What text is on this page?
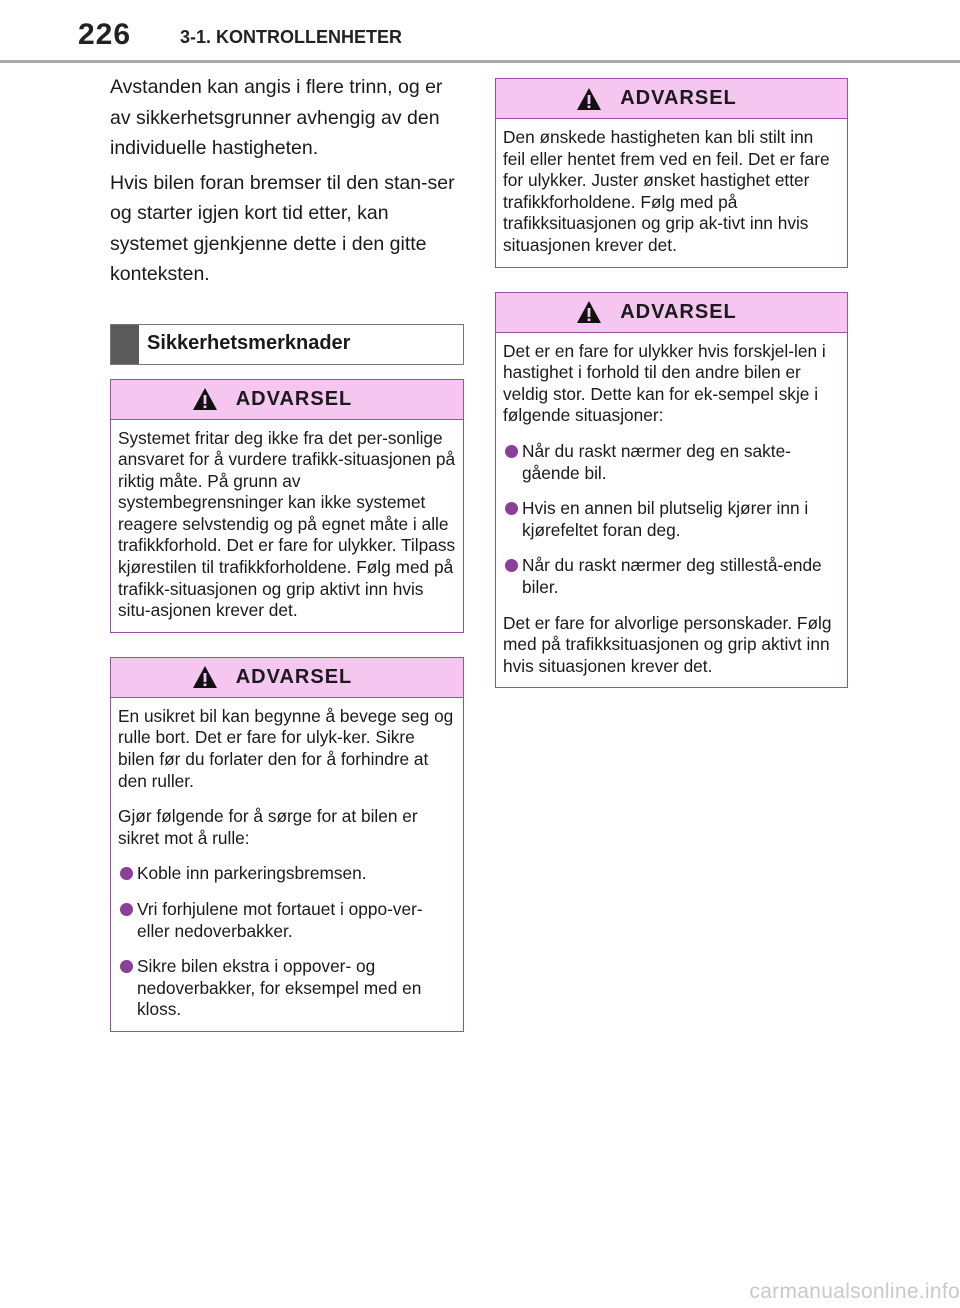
226	3-1. KONTROLLENHETER

Avstanden kan angis i flere trinn, og er av sikkerhetsgrunner avhengig av den individuelle hastigheten.

Hvis bilen foran bremser til den stan-ser og starter igjen kort tid etter, kan systemet gjenkjenne dette i den gitte konteksten.

Sikkerhetsmerknader
ADVARSEL

Systemet fritar deg ikke fra det per-sonlige ansvaret for å vurdere trafikk-situasjonen på riktig måte. På grunn av systembegrensninger kan ikke systemet reagere selvstendig og på egnet måte i alle trafikkforhold. Det er fare for ulykker. Tilpass kjørestilen til trafikkforholdene. Følg med på trafikk-situasjonen og grip aktivt inn hvis situ-asjonen krever det.

ADVARSEL

En usikret bil kan begynne å bevege seg og rulle bort. Det er fare for ulyk-ker. Sikre bilen før du forlater den for å forhindre at den ruller.

Gjør følgende for å sørge for at bilen er sikret mot å rulle:

Koble inn parkeringsbremsen.
Vri forhjulene mot fortauet i oppo-ver- eller nedoverbakker.
Sikre bilen ekstra i oppover- og nedoverbakker, for eksempel med en kloss.
ADVARSEL

Den ønskede hastigheten kan bli stilt inn feil eller hentet frem ved en feil. Det er fare for ulykker. Juster ønsket hastighet etter trafikkforholdene. Følg med på trafikksituasjonen og grip ak-tivt inn hvis situasjonen krever det.

ADVARSEL

Det er en fare for ulykker hvis forskjel-len i hastighet i forhold til den andre bilen er veldig stor. Dette kan for ek-sempel skje i følgende situasjoner:

Når du raskt nærmer deg en sakte-gående bil.
Hvis en annen bil plutselig kjører inn i kjørefeltet foran deg.
Når du raskt nærmer deg stillestå-ende biler.

Det er fare for alvorlige personskader. Følg med på trafikksituasjonen og grip aktivt inn hvis situasjonen krever det.

carmanualsonline.info
